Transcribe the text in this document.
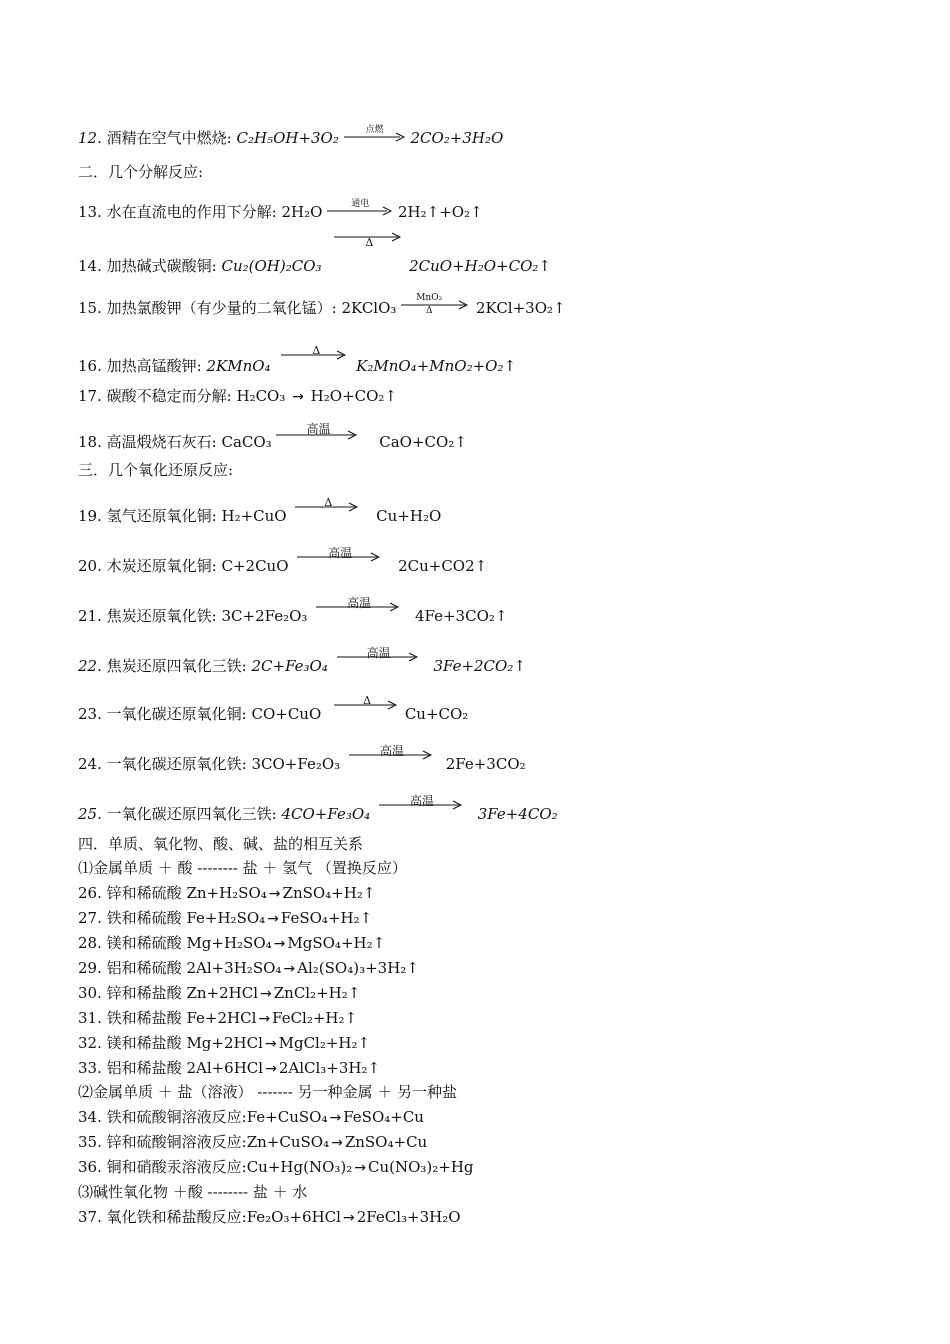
12. 酒精在空气中燃烧: C₂H₅OH+3O₂	点燃	2CO₂+3H₂O
二．几个分解反应:
13. 水在直流电的作用下分解: 2H₂O	通电	2H₂↑+O₂↑
14. 加热碱式碳酸铜: Cu₂(OH)₂CO₃
Δ
2CuO+H₂O+CO₂↑
15. 加热氯酸钾（有少量的二氧化锰）: 2KClO₃
MnO₂
Δ	2KCl+3O₂↑
16. 加热高锰酸钾: 2KMnO₄
Δ
K₂MnO₄+MnO₂+O₂↑
17. 碳酸不稳定而分解: H₂CO₃ → H₂O+CO₂↑
18. 高温煅烧石灰石: CaCO₃
高温
CaO+CO₂↑
三．几个氧化还原反应:
19. 氢气还原氧化铜: H₂+CuO
Δ
Cu+H₂O
20. 木炭还原氧化铜: C+2CuO
高温
2Cu+CO2↑
21. 焦炭还原氧化铁: 3C+2Fe₂O₃
高温
4Fe+3CO₂↑
22. 焦炭还原四氧化三铁: 2C+Fe₃O₄
高温
3Fe+2CO₂↑
23. 一氧化碳还原氧化铜: CO+CuO
Δ
Cu+CO₂
24. 一氧化碳还原氧化铁: 3CO+Fe₂O₃
高温
2Fe+3CO₂
25. 一氧化碳还原四氧化三铁: 4CO+Fe₃O₄
高温
3Fe+4CO₂
四．单质、氧化物、酸、碱、盐的相互关系
⑴金属单质 ＋ 酸 -------- 盐 ＋ 氢气 （置换反应）
26. 锌和稀硫酸 Zn+H₂SO₄ → ZnSO₄+H₂↑
27. 铁和稀硫酸 Fe+H₂SO₄ → FeSO₄+H₂↑
28. 镁和稀硫酸 Mg+H₂SO₄ → MgSO₄+H₂↑
29. 铝和稀硫酸 2Al+3H₂SO₄ → Al₂(SO₄)₃+3H₂↑
30. 锌和稀盐酸 Zn+2HCl → ZnCl₂+H₂↑
31. 铁和稀盐酸 Fe+2HCl → FeCl₂+H₂↑
32. 镁和稀盐酸 Mg+2HCl → MgCl₂+H₂↑
33. 铝和稀盐酸 2Al+6HCl → 2AlCl₃+3H₂↑
⑵金属单质 ＋ 盐（溶液） ------- 另一种金属 ＋ 另一种盐
34. 铁和硫酸铜溶液反应:Fe+CuSO₄ → FeSO₄+Cu
35. 锌和硫酸铜溶液反应:Zn+CuSO₄ → ZnSO₄+Cu
36. 铜和硝酸汞溶液反应:Cu+Hg(NO₃)₂ → Cu(NO₃)₂+Hg
⑶碱性氧化物 ＋酸 -------- 盐 ＋ 水
37. 氧化铁和稀盐酸反应:Fe₂O₃+6HCl → 2FeCl₃+3H₂O
